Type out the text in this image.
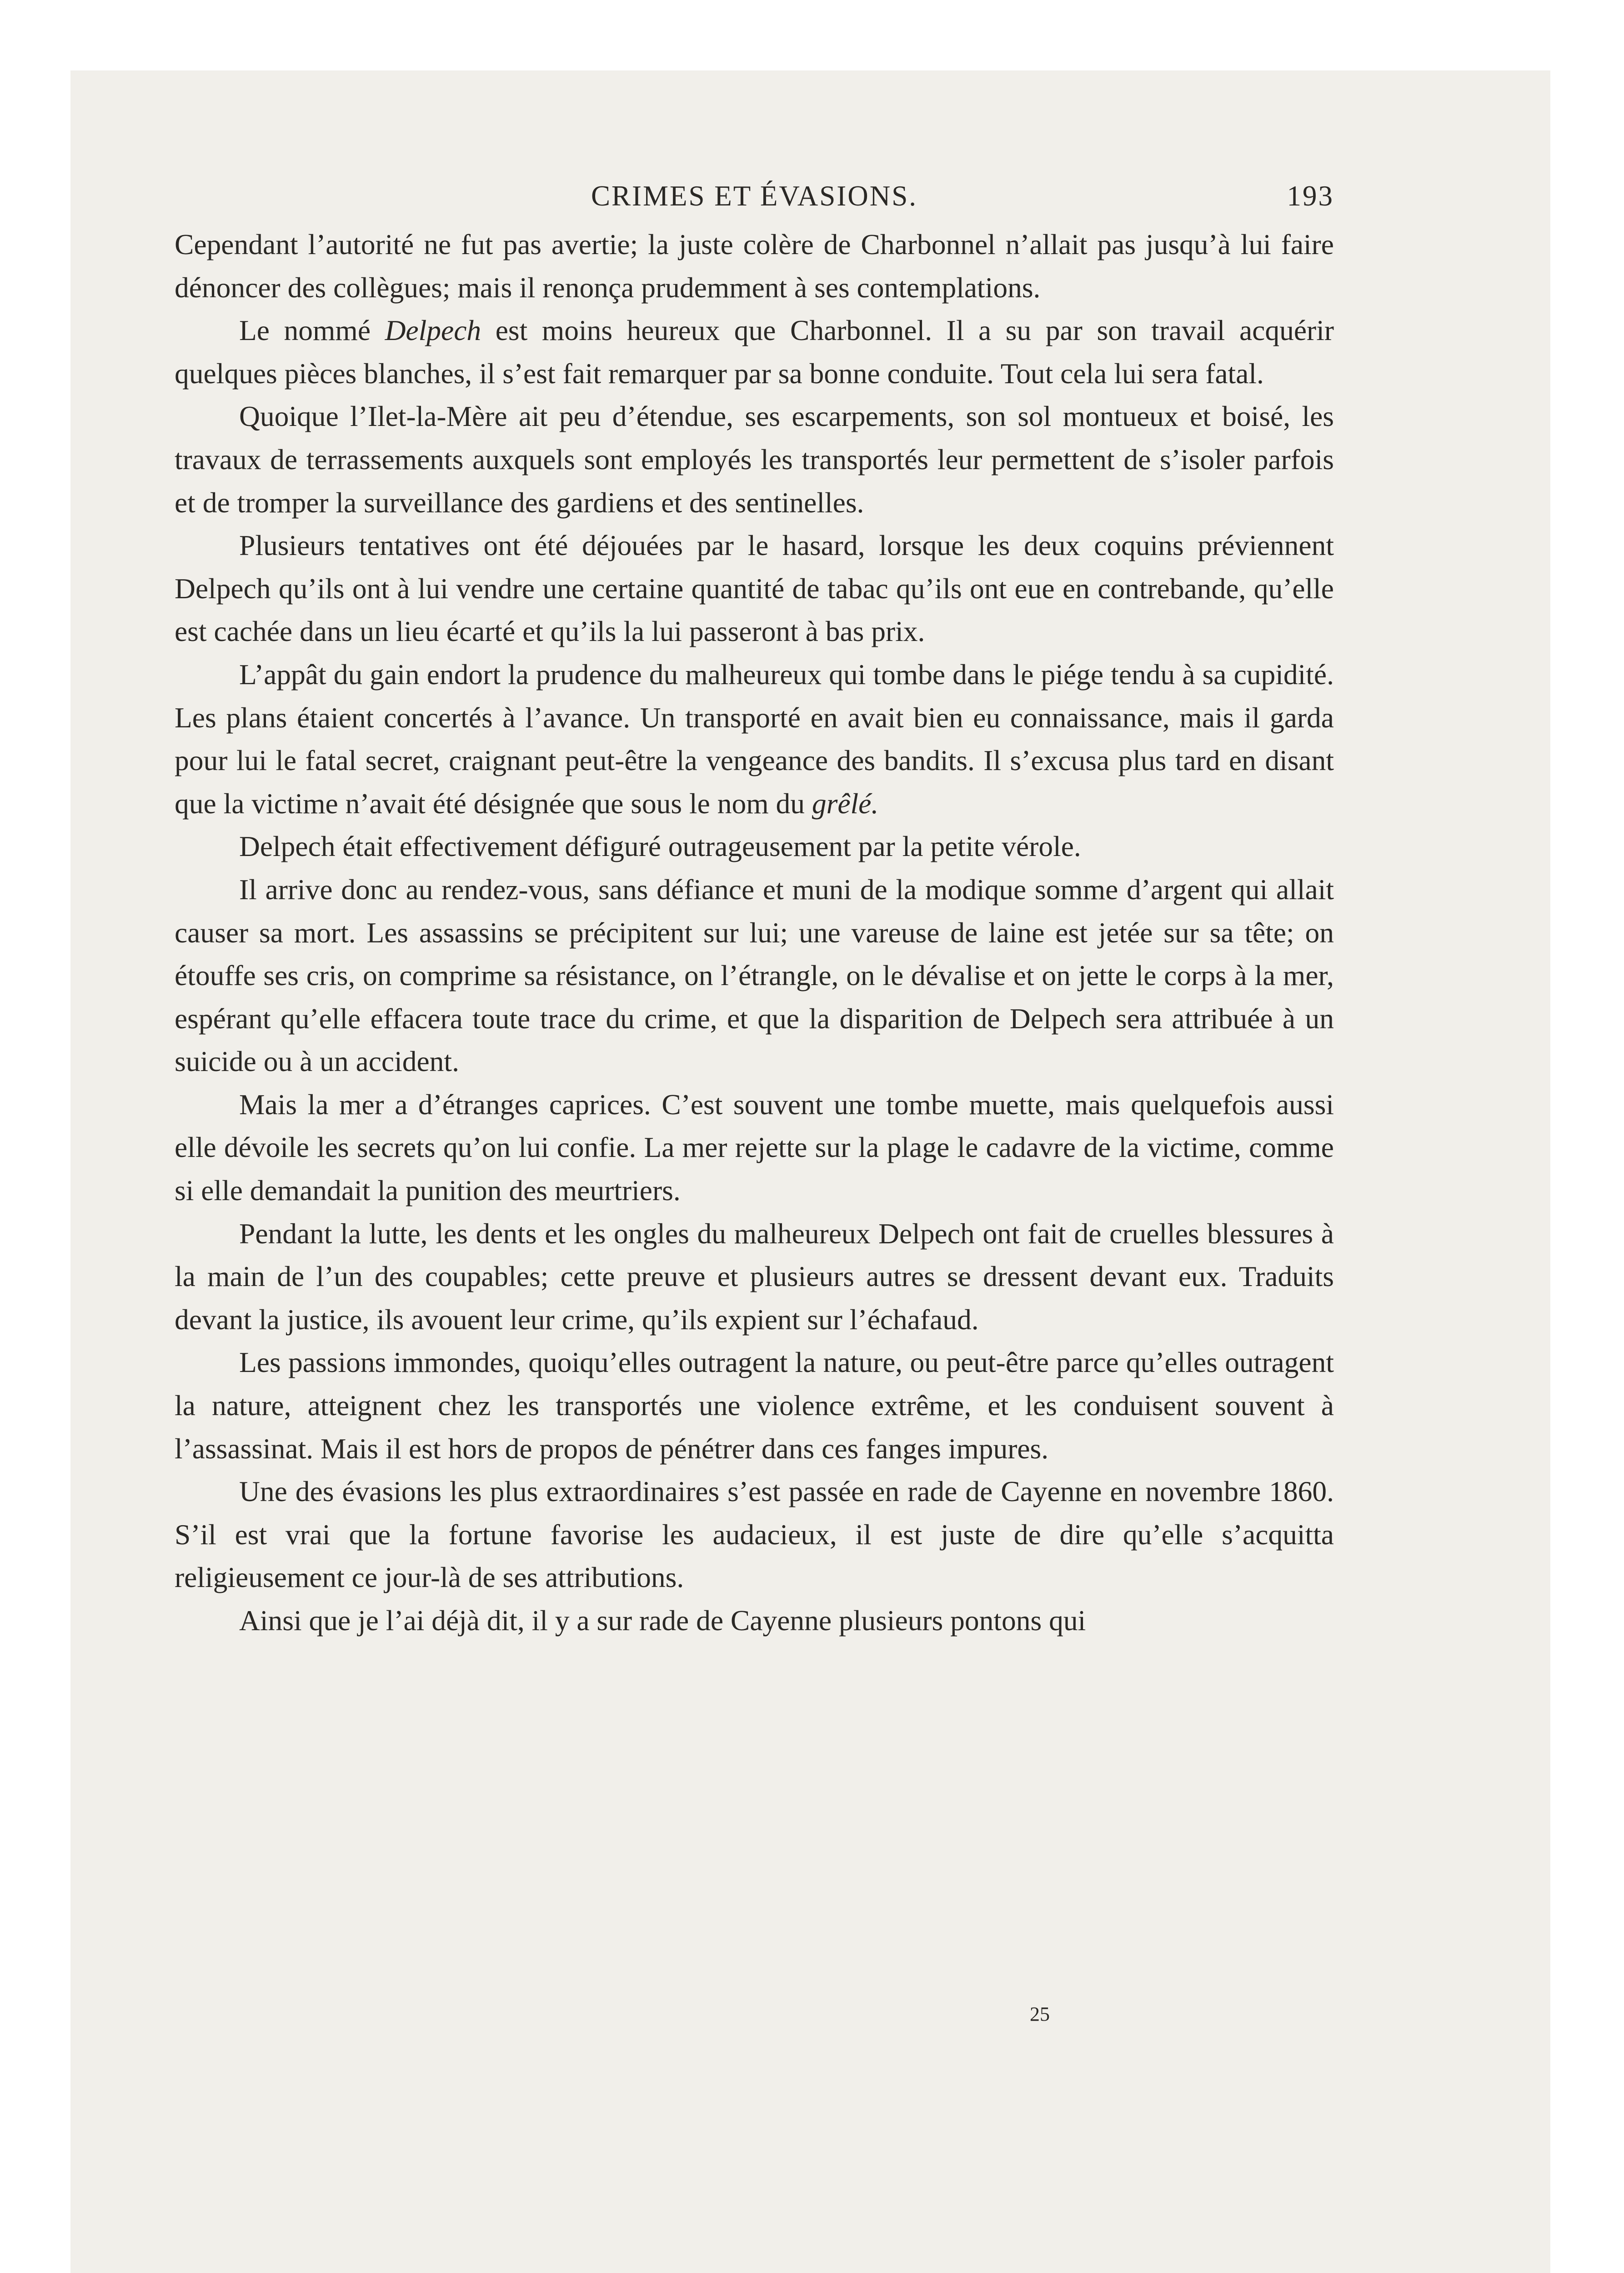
CRIMES ET ÉVASIONS.	193

Cependant l’autorité ne fut pas avertie; la juste colère de Charbonnel n’allait pas jusqu’à lui faire dénoncer des collègues; mais il renonça prudemment à ses contemplations.

Le nommé Delpech est moins heureux que Charbonnel. Il a su par son travail acquérir quelques pièces blanches, il s’est fait remarquer par sa bonne conduite. Tout cela lui sera fatal.

Quoique l’Ilet-la-Mère ait peu d’étendue, ses escarpements, son sol montueux et boisé, les travaux de terrassements auxquels sont employés les transportés leur permettent de s’isoler parfois et de tromper la surveillance des gardiens et des sentinelles.

Plusieurs tentatives ont été déjouées par le hasard, lorsque les deux coquins préviennent Delpech qu’ils ont à lui vendre une certaine quantité de tabac qu’ils ont eue en contrebande, qu’elle est cachée dans un lieu écarté et qu’ils la lui passeront à bas prix.

L’appât du gain endort la prudence du malheureux qui tombe dans le piége tendu à sa cupidité. Les plans étaient concertés à l’avance. Un transporté en avait bien eu connaissance, mais il garda pour lui le fatal secret, craignant peut-être la vengeance des bandits. Il s’excusa plus tard en disant que la victime n’avait été désignée que sous le nom du grêlé.

Delpech était effectivement défiguré outrageusement par la petite vérole.

Il arrive donc au rendez-vous, sans défiance et muni de la modique somme d’argent qui allait causer sa mort. Les assassins se précipitent sur lui; une vareuse de laine est jetée sur sa tête; on étouffe ses cris, on comprime sa résistance, on l’étrangle, on le dévalise et on jette le corps à la mer, espérant qu’elle effacera toute trace du crime, et que la disparition de Delpech sera attribuée à un suicide ou à un accident.

Mais la mer a d’étranges caprices. C’est souvent une tombe muette, mais quelquefois aussi elle dévoile les secrets qu’on lui confie. La mer rejette sur la plage le cadavre de la victime, comme si elle demandait la punition des meurtriers.

Pendant la lutte, les dents et les ongles du malheureux Delpech ont fait de cruelles blessures à la main de l’un des coupables; cette preuve et plusieurs autres se dressent devant eux. Traduits devant la justice, ils avouent leur crime, qu’ils expient sur l’échafaud.

Les passions immondes, quoiqu’elles outragent la nature, ou peut-être parce qu’elles outragent la nature, atteignent chez les transportés une violence extrême, et les conduisent souvent à l’assassinat. Mais il est hors de propos de pénétrer dans ces fanges impures.

Une des évasions les plus extraordinaires s’est passée en rade de Cayenne en novembre 1860. S’il est vrai que la fortune favorise les audacieux, il est juste de dire qu’elle s’acquitta religieusement ce jour-là de ses attributions.

Ainsi que je l’ai déjà dit, il y a sur rade de Cayenne plusieurs pontons qui

25
